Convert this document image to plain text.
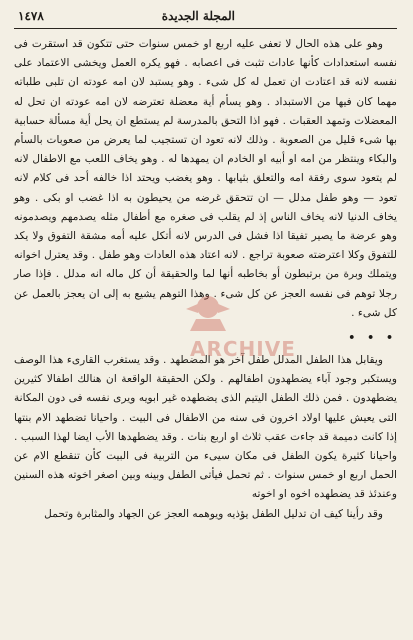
المجلة الجديدة
١٤٧٨

وهو على هذه الحال لا تعفى عليه اربع او خمس سنوات حتى تتكون قد استقرت فى نفسه استعدادات كأنها عادات تثبت فى اعصابه . فهو يكره العمل ويخشى الاعتماد على نفسه لانه قد اعتادت ان تعمل له كل شىء . وهو يستبد لان امه عودته ان تلبى طلباته مهما كان فيها من الاستبداد . وهو يسأم أية معضلة تعترضه لان امه عودته ان تحل له المعضلات وتمهد العقبات . فهو اذا التحق بالمدرسة لم يستطع ان يحل أية مسألة حسابية بها شىء قليل من الصعوبة . وذلك لانه تعود ان تستجيب لما يعرض من صعوبات بالسأم والبكاء وينتظر من امه او أبيه او الخادم ان يمهدها له . وهو يخاف اللعب مع الاطفال لانه لم يتعود سوى رفقة امه والتعلق بثيابها . وهو يغضب ويحتد اذا خالفه أحد فى كلام لانه تعود — وهو طفل مدلل — ان تتحقق غرضه من يحيطون به اذا غضب او بكى . وهو يخاف الدنيا لانه يخاف الناس إذ لم يقلب فى صغره مع أطفال مثله يصدمهم ويصدمونه وهو عرضة ما يصير تفيقا اذا فشل فى الدرس لانه أتكل عليه أمه مشقة التفوق ولا يكد للتفوق وكلا اعترضته صعوبة تراجع . لانه اعتاد هذه العادات وهو طفل . وقد يعترل اخوانه ويتملك وبرة من برتبطون أو بخاطبه أنها لما والحقيقة أن كل ماله انه مدلل . فإذا صار رجلا توهم فى نفسه العجز عن كل شىء . وهذا التوهم يشيع به إلى ان يعجز بالعمل عن كل شىء .

• • •

ويقابل هذا الطفل المدلل طفل آخر هو المضطهد . وقد يستغرب القارىء هذا الوصف ويستكبر وجود آباء يضطهدون اطفالهم . ولكن الحقيقة الواقعة ان هنالك اطفالا كثيرين يضطهدون . فمن ذلك الطفل اليتيم الذى يضطهده غير ابويه ويرى نفسه فى دون المكانة التى يعيش عليها اولاد اخرون فى سنه من الاطفال فى البيت . واحيانا تضطهد الام بنتها إذا كانت دميمة قد جاءت عقب ثلاث او اربع بنات . وقد يضطهدها الأب ايضا لهذا السبب . واحيانا كثيرة يكون الطفل فى مكان سيىء من التربية فى البيت كأن تنقطع الام عن الحمل اربع او خمس سنوات . ثم تحمل فيأتى الطفل وبينه وبين اصغر اخوته هذه السنين وعندئذ قد يضطهده اخوه او اخوته

وقد رأينا كيف ان تدليل الطفل يؤذيه ويوهمه العجز عن الجهاد والمثابرة وتحمل

ARCHIVE
